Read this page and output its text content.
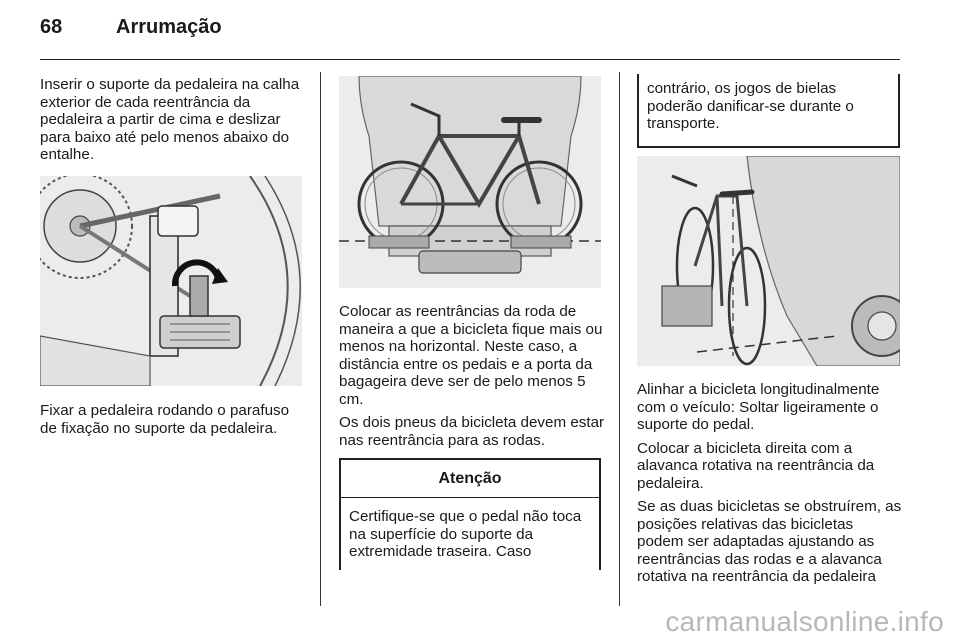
68	Arrumação

Inserir o suporte da pedaleira na calha exterior de cada reentrância da pedaleira a partir de cima e deslizar para baixo até pelo menos abaixo do entalhe.

Fixar a pedaleira rodando o parafuso de fixação no suporte da pedaleira.

Colocar as reentrâncias da roda de maneira a que a bicicleta fique mais ou menos na horizontal. Neste caso, a distância entre os pedais e a porta da bagageira deve ser de pelo menos 5 cm.

Os dois pneus da bicicleta devem estar nas reentrância para as rodas.

Atenção

Certifique-se que o pedal não toca na superfície do suporte da extremidade traseira. Caso

contrário, os jogos de bielas poderão danificar-se durante o transporte.

Alinhar a bicicleta longitudinalmente com o veículo: Soltar ligeiramente o suporte do pedal.

Colocar a bicicleta direita com a alavanca rotativa na reentrância da pedaleira.

Se as duas bicicletas se obstruírem, as posições relativas das bicicletas podem ser adaptadas ajustando as reentrâncias das rodas e a alavanca rotativa na reentrância da pedaleira

carmanualsonline.info
